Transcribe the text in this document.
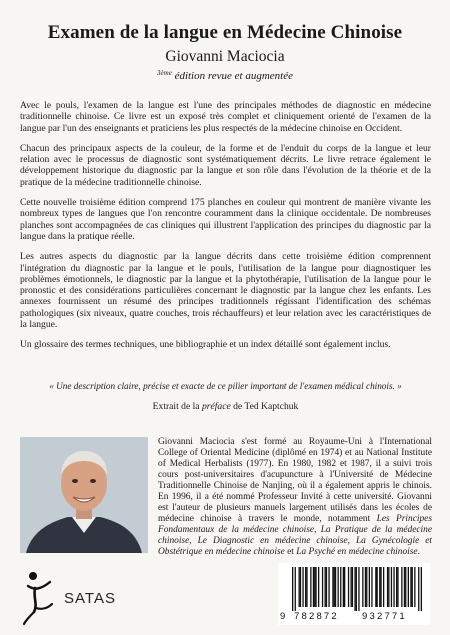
Examen de la langue en Médecine Chinoise
Giovanni Maciocia
$^{3ème}$ édition revue et augmentée

Avec le pouls, l'examen de la langue est l'une des principales méthodes de diagnostic en médecine traditionnelle chinoise. Ce livre est un exposé très complet et cliniquement orienté de l'examen de la langue par l'un des enseignants et praticiens les plus respectés de la médecine chinoise en Occident.

Chacun des principaux aspects de la couleur, de la forme et de l'enduit du corps de la langue et leur relation avec le processus de diagnostic sont systématiquement décrits. Le livre retrace également le développement historique du diagnostic par la langue et son rôle dans l'évolution de la théorie et de la pratique de la médecine traditionnelle chinoise.

Cette nouvelle troisième édition comprend 175 planches en couleur qui montrent de manière vivante les nombreux types de langues que l'on rencontre couramment dans la clinique occidentale. De nombreuses planches sont accompagnées de cas cliniques qui illustrent l'application des principes du diagnostic par la langue dans la pratique réelle.

Les autres aspects du diagnostic par la langue décrits dans cette troisième édition comprennent l'intégration du diagnostic par la langue et le pouls, l'utilisation de la langue pour diagnostiquer les problèmes émotionnels, le diagnostic par la langue et la phytothérapie, l'utilisation de la langue pour le pronostic et des considérations particulières concernant le diagnostic par la langue chez les enfants. Les annexes fournissent un résumé des principes traditionnels régissant l'identification des schémas pathologiques (six niveaux, quatre couches, trois réchauffeurs) et leur relation avec les caractéristiques de la langue.

Un glossaire des termes techniques, une bibliographie et un index détaillé sont également inclus.

« Une description claire, précise et exacte de ce pilier important de l'examen médical chinois. »
Extrait de la préface de Ted Kaptchuk
Giovanni Maciocia s'est formé au Royaume-Uni à l'International College of Oriental Medicine (diplômé en 1974) et au National Institute of Medical Herbalists (1977). En 1980, 1982 et 1987, il a suivi trois cours post-universitaires d'acupuncture à l'Université de Médecine Traditionnelle Chinoise de Nanjing, où il a également appris le chinois. En 1996, il a été nommé Professeur Invité à cette université. Giovanni est l'auteur de plusieurs manuels largement utilisés dans les écoles de médecine chinoise à travers le monde, notamment Les Principes Fondamentaux de la médecine chinoise, La Pratique de la médecine chinoise, Le Diagnostic en médecine chinoise, La Gynécologie et Obstétrique en médecine chinoise et La Psyché en médecine chinoise.
SATAS
9 782872 932771
